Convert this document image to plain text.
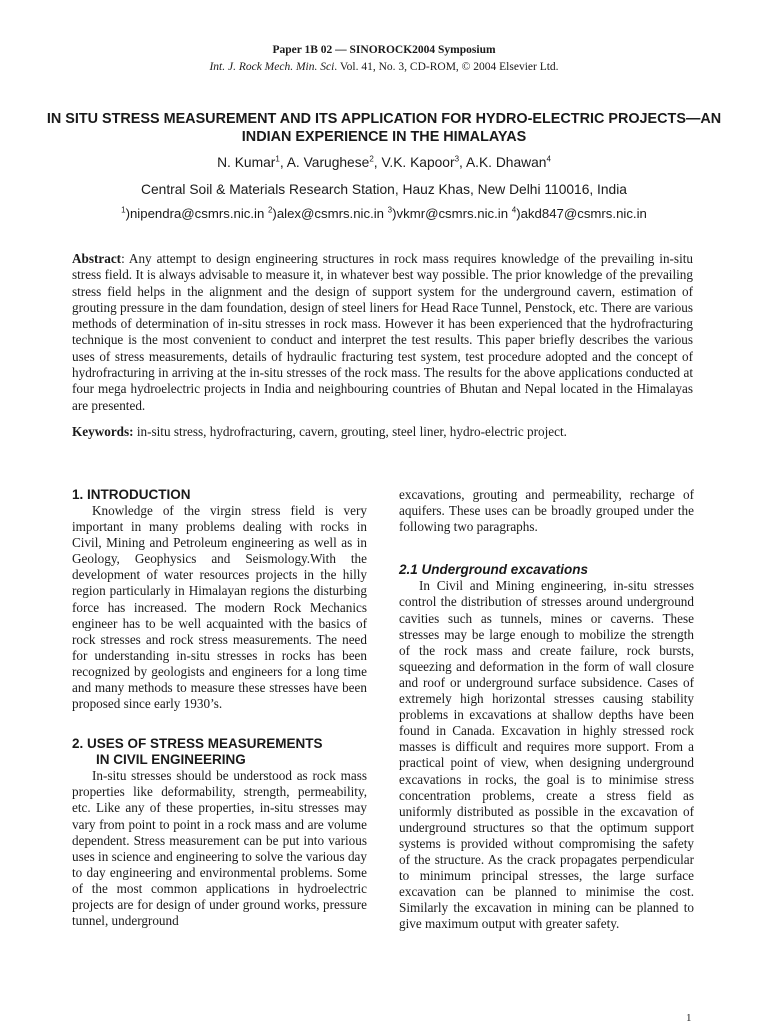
Paper 1B 02 — SINOROCK2004 Symposium
Int. J. Rock Mech. Min. Sci. Vol. 41, No. 3, CD-ROM, © 2004 Elsevier Ltd.
IN SITU STRESS MEASUREMENT AND ITS APPLICATION FOR HYDRO-ELECTRIC PROJECTS—AN INDIAN EXPERIENCE IN THE HIMALAYAS
N. Kumar$^1$, A. Varughese$^2$, V.K. Kapoor$^3$, A.K. Dhawan$^4$
Central Soil & Materials Research Station, Hauz Khas, New Delhi 110016, India
$^1$)nipendra@csmrs.nic.in $^2$)alex@csmrs.nic.in $^3$)vkmr@csmrs.nic.in $^4$)akd847@csmrs.nic.in
Abstract: Any attempt to design engineering structures in rock mass requires knowledge of the prevailing in-situ stress field. It is always advisable to measure it, in whatever best way possible. The prior knowledge of the prevailing stress field helps in the alignment and the design of support system for the underground cavern, estimation of grouting pressure in the dam foundation, design of steel liners for Head Race Tunnel, Penstock, etc. There are various methods of determination of in-situ stresses in rock mass. However it has been experienced that the hydrofracturing technique is the most convenient to conduct and interpret the test results. This paper briefly describes the various uses of stress measurements, details of hydraulic fracturing test system, test procedure adopted and the concept of hydrofracturing in arriving at the in-situ stresses of the rock mass. The results for the above applications conducted at four mega hydroelectric projects in India and neighbouring countries of Bhutan and Nepal located in the Himalayas are presented.
Keywords: in-situ stress, hydrofracturing, cavern, grouting, steel liner, hydro-electric project.
1. INTRODUCTION

Knowledge of the virgin stress field is very important in many problems dealing with rocks in Civil, Mining and Petroleum engineering as well as in Geology, Geophysics and Seismology.With the development of water resources projects in the hilly region particularly in Himalayan regions the disturbing force has increased. The modern Rock Mechanics engineer has to be well acquainted with the basics of rock stresses and rock stress measurements. The need for understanding in-situ stresses in rocks has been recognized by geologists and engineers for a long time and many methods to measure these stresses have been proposed since early 1930’s.

2. USES OF STRESS MEASUREMENTS
IN CIVIL ENGINEERING

In-situ stresses should be understood as rock mass properties like deformability, strength, permeability, etc. Like any of these properties, in-situ stresses may vary from point to point in a rock mass and are volume dependent. Stress measurement can be put into various uses in science and engineering to solve the various day to day engineering and environmental problems. Some of the most common applications in hydroelectric projects are for design of under ground works, pressure tunnel, underground

excavations, grouting and permeability, recharge of aquifers. These uses can be broadly grouped under the following two paragraphs.
2.1 Underground excavations

In Civil and Mining engineering, in-situ stresses control the distribution of stresses around underground cavities such as tunnels, mines or caverns. These stresses may be large enough to mobilize the strength of the rock mass and create failure, rock bursts, squeezing and deformation in the form of wall closure and roof or underground surface subsidence. Cases of extremely high horizontal stresses causing stability problems in excavations at shallow depths have been found in Canada. Excavation in highly stressed rock masses is difficult and requires more support. From a practical point of view, when designing underground excavations in rocks, the goal is to minimise stress concentration problems, create a stress field as uniformly distributed as possible in the excavation of underground structures so that the optimum support systems is provided without compromising the safety of the structure. As the crack propagates perpendicular to minimum principal stresses, the large surface excavation can be planned to minimise the cost. Similarly the excavation in mining can be planned to give maximum output with greater safety.

1
